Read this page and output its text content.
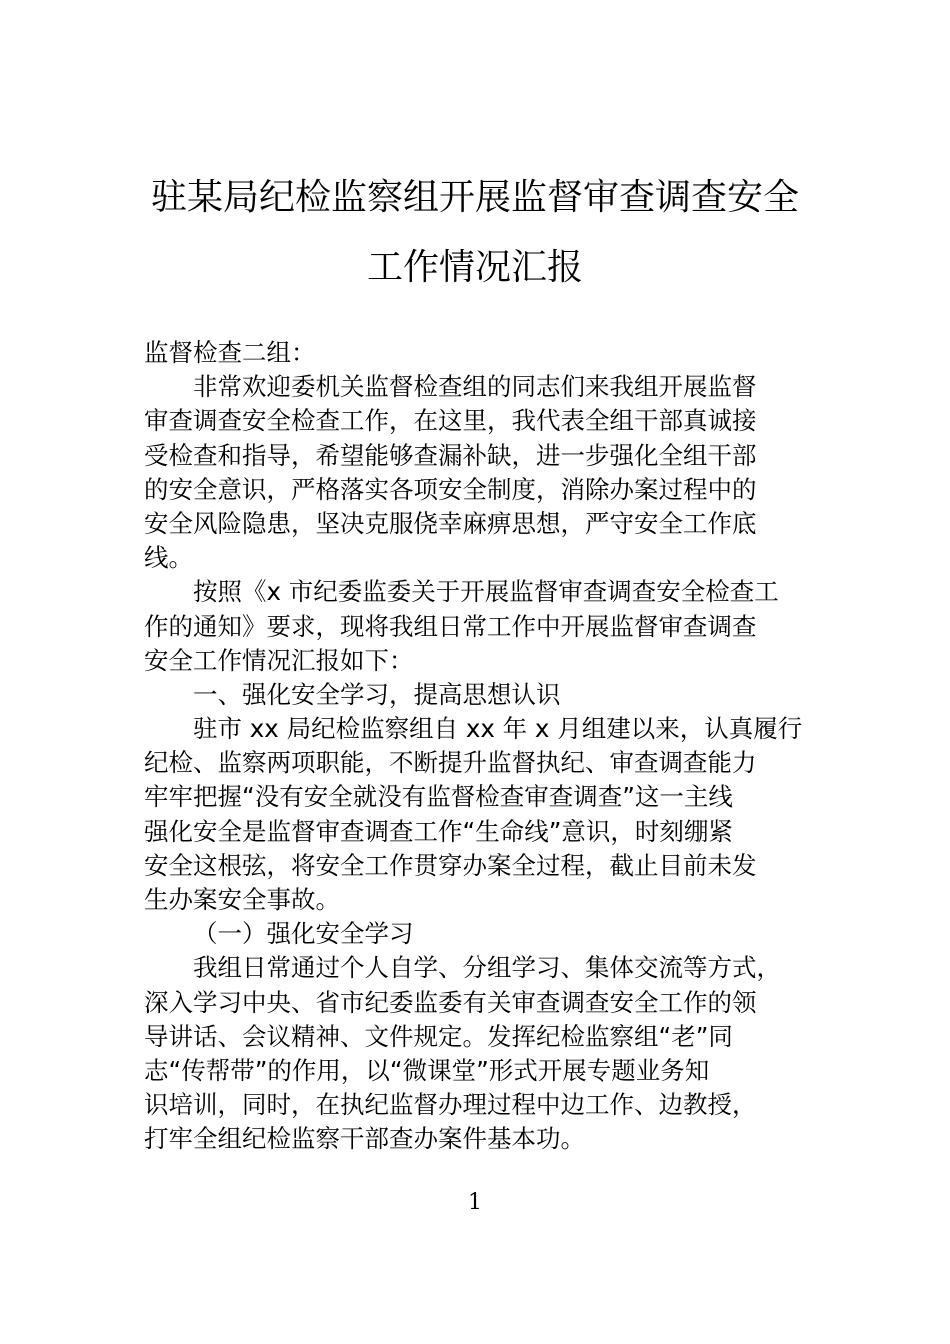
驻某局纪检监察组开展监督审查调查安全
工作情况汇报
监督检查二组：
非常欢迎委机关监督检查组的同志们来我组开展监督
审查调查安全检查工作，在这里，我代表全组干部真诚接
受检查和指导，希望能够查漏补缺，进一步强化全组干部
的安全意识，严格落实各项安全制度，消除办案过程中的
安全风险隐患，坚决克服侥幸麻痹思想，严守安全工作底
线。
按照《x 市纪委监委关于开展监督审查调查安全检查工
作的通知》要求，现将我组日常工作中开展监督审查调查
安全工作情况汇报如下：
一、强化安全学习，提高思想认识
驻市 xx 局纪检监察组自 xx 年 x 月组建以来，认真履行
纪检、监察两项职能，不断提升监督执纪、审查调查能力
牢牢把握“没有安全就没有监督检查审查调查”这一主线
强化安全是监督审查调查工作“生命线”意识，时刻绷紧
安全这根弦，将安全工作贯穿办案全过程，截止目前未发
生办案安全事故。
（一）强化安全学习
我组日常通过个人自学、分组学习、集体交流等方式，
深入学习中央、省市纪委监委有关审查调查安全工作的领
导讲话、会议精神、文件规定。发挥纪检监察组“老”同
志“传帮带”的作用，以“微课堂”形式开展专题业务知
识培训，同时，在执纪监督办理过程中边工作、边教授，
打牢全组纪检监察干部查办案件基本功。
1
